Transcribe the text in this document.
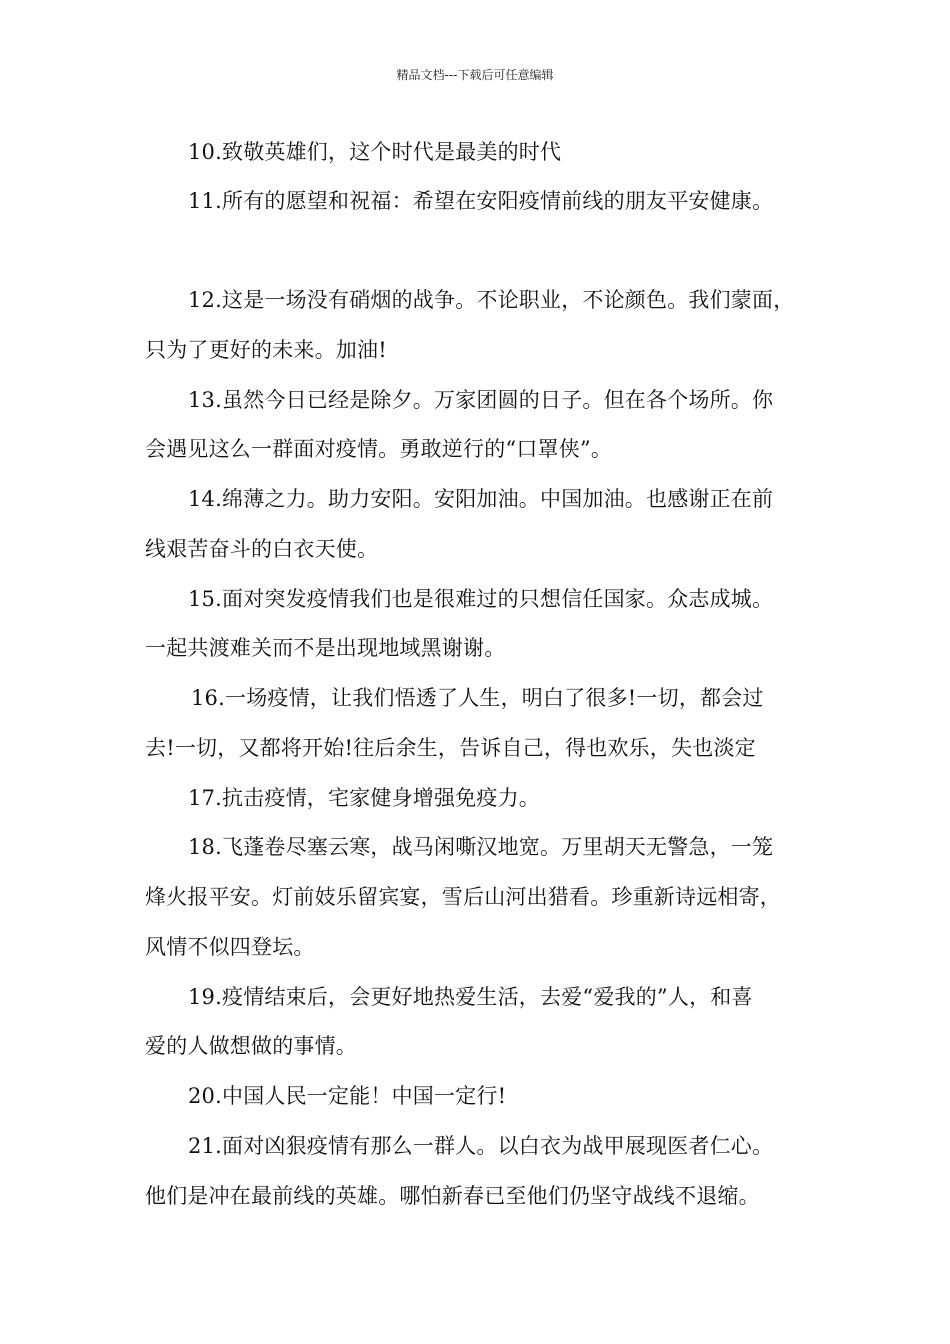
精品文档---下载后可任意编辑
10.致敬英雄们，这个时代是最美的时代
11.所有的愿望和祝福：希望在安阳疫情前线的朋友平安健康。
12.这是一场没有硝烟的战争。不论职业，不论颜色。我们蒙面，
只为了更好的未来。加油!
13.虽然今日已经是除夕。万家团圆的日子。但在各个场所。你
会遇见这么一群面对疫情。勇敢逆行的“口罩侠”。
14.绵薄之力。助力安阳。安阳加油。中国加油。也感谢正在前
线艰苦奋斗的白衣天使。
15.面对突发疫情我们也是很难过的只想信任国家。众志成城。
一起共渡难关而不是出现地域黑谢谢。
16.一场疫情，让我们悟透了人生，明白了很多!一切，都会过
去!一切，又都将开始!往后余生，告诉自己，得也欢乐，失也淡定
17.抗击疫情，宅家健身增强免疫力。
18.飞蓬卷尽塞云寒，战马闲嘶汉地宽。万里胡天无警急，一笼
烽火报平安。灯前妓乐留宾宴，雪后山河出猎看。珍重新诗远相寄，
风情不似四登坛。
19.疫情结束后，会更好地热爱生活，去爱“爱我的”人，和喜
爱的人做想做的事情。
20.中国人民一定能！中国一定行!
21.面对凶狠疫情有那么一群人。以白衣为战甲展现医者仁心。
他们是冲在最前线的英雄。哪怕新春已至他们仍坚守战线不退缩。
